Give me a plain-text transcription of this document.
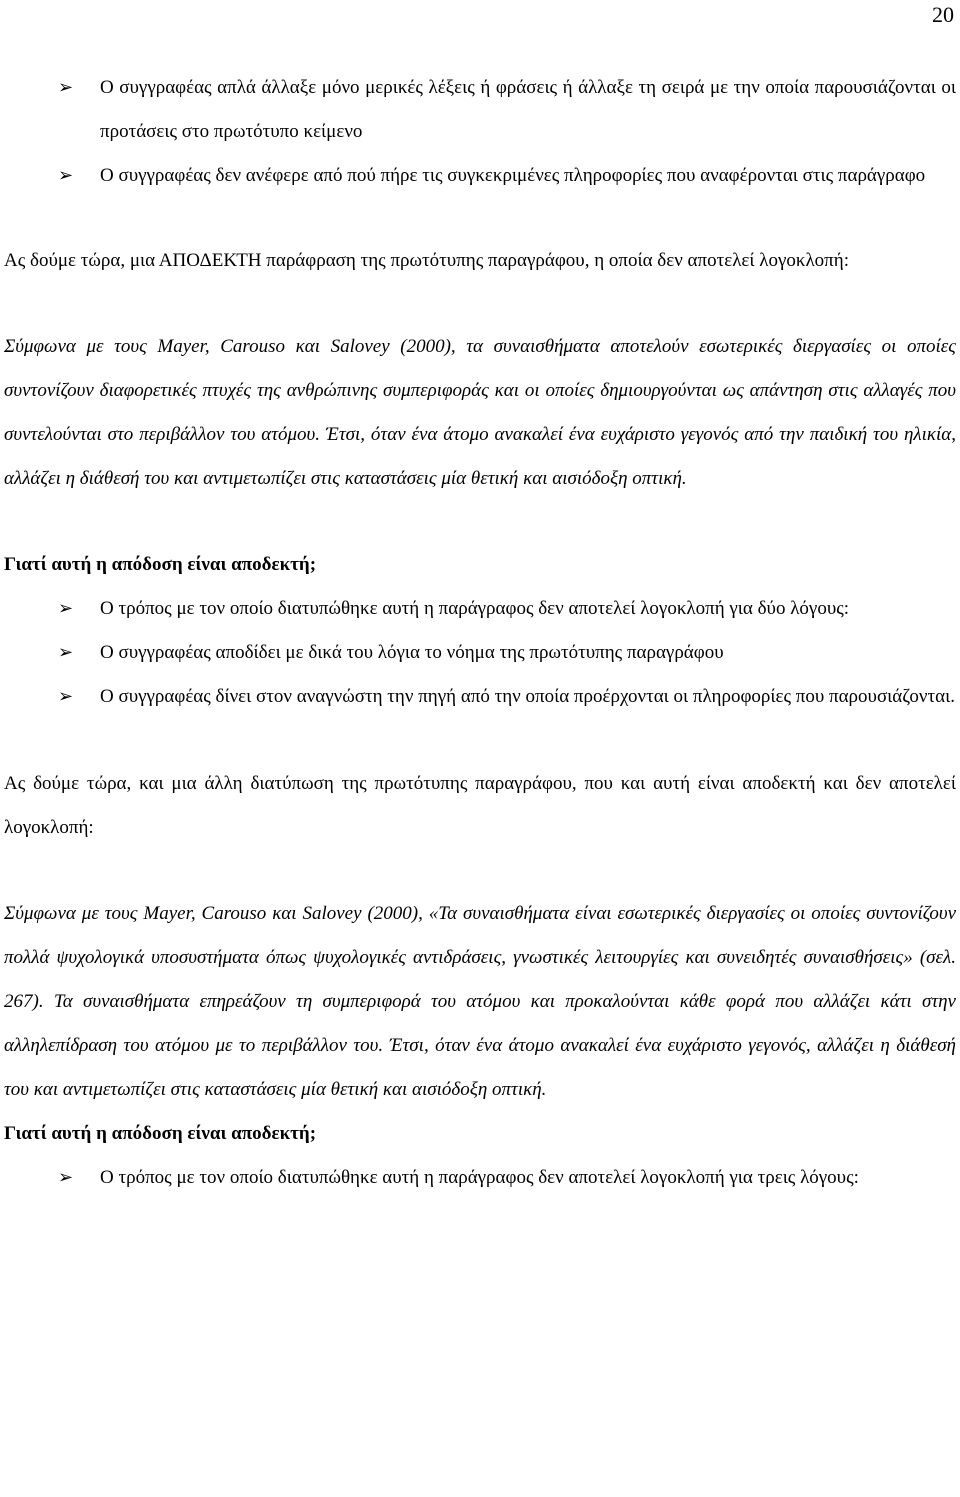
20

➢ Ο συγγραφέας απλά άλλαξε μόνο μερικές λέξεις ή φράσεις ή άλλαξε τη σειρά με την οποία παρουσιάζονται οι προτάσεις στο πρωτότυπο κείμενο

➢ Ο συγγραφέας δεν ανέφερε από πού πήρε τις συγκεκριμένες πληροφορίες που αναφέρονται στις παράγραφο

Ας δούμε τώρα, μια ΑΠΟΔΕΚΤΗ παράφραση της πρωτότυπης παραγράφου, η οποία δεν αποτελεί λογοκλοπή:

Σύμφωνα με τους Mayer, Carouso και Salovey (2000), τα συναισθήματα αποτελούν εσωτερικές διεργασίες οι οποίες συντονίζουν διαφορετικές πτυχές της ανθρώπινης συμπεριφοράς και οι οποίες δημιουργούνται ως απάντηση στις αλλαγές που συντελούνται στο περιβάλλον του ατόμου. Έτσι, όταν ένα άτομο ανακαλεί ένα ευχάριστο γεγονός από την παιδική του ηλικία, αλλάζει η διάθεσή του και αντιμετωπίζει στις καταστάσεις μία θετική και αισιόδοξη οπτική.

Γιατί αυτή η απόδοση είναι αποδεκτή;

➢ Ο τρόπος με τον οποίο διατυπώθηκε αυτή η παράγραφος δεν αποτελεί λογοκλοπή για δύο λόγους:

➢ Ο συγγραφέας αποδίδει με δικά του λόγια το νόημα της πρωτότυπης παραγράφου

➢ Ο συγγραφέας δίνει στον αναγνώστη την πηγή από την οποία προέρχονται οι πληροφορίες που παρουσιάζονται.

Ας δούμε τώρα, και μια άλλη διατύπωση της πρωτότυπης παραγράφου, που και αυτή είναι αποδεκτή και δεν αποτελεί λογοκλοπή:

Σύμφωνα με τους Mayer, Carouso και Salovey (2000), «Τα συναισθήματα είναι εσωτερικές διεργασίες οι οποίες συντονίζουν πολλά ψυχολογικά υποσυστήματα όπως ψυχολογικές αντιδράσεις, γνωστικές λειτουργίες και συνειδητές συναισθήσεις» (σελ. 267). Τα συναισθήματα επηρεάζουν τη συμπεριφορά του ατόμου και προκαλούνται κάθε φορά που αλλάζει κάτι στην αλληλεπίδραση του ατόμου με το περιβάλλον του. Έτσι, όταν ένα άτομο ανακαλεί ένα ευχάριστο γεγονός, αλλάζει η διάθεσή του και αντιμετωπίζει στις καταστάσεις μία θετική και αισιόδοξη οπτική.

Γιατί αυτή η απόδοση είναι αποδεκτή;

➢ Ο τρόπος με τον οποίο διατυπώθηκε αυτή η παράγραφος δεν αποτελεί λογοκλοπή για τρεις λόγους:
